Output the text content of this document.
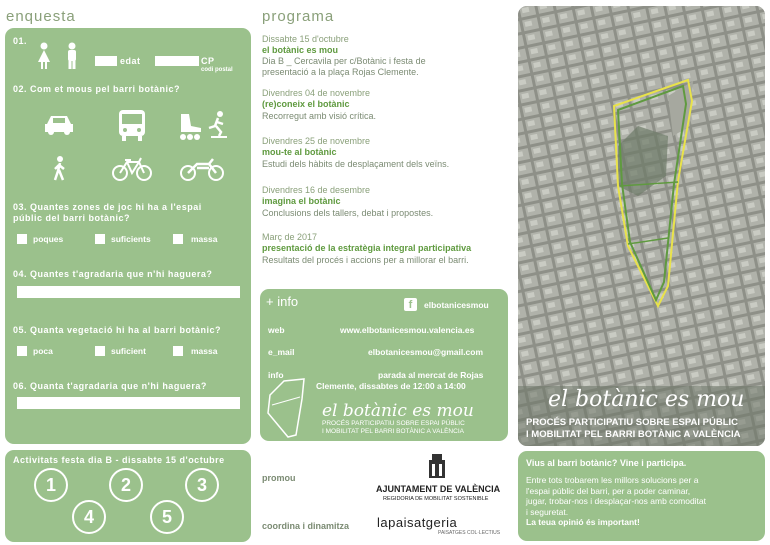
enquesta	programa
01.
edat	CP
codi postal
02. Com et mous pel barri botànic?
03. Quantes zones de joc hi ha a l'espai
públic del barri botànic?
poques	suficients	massa
04. Quantes t'agradaria que n'hi haguera?
05. Quanta vegetació hi ha al barri botànic?
poca	suficient	massa
06. Quanta t'agradaria que n'hi haguera?
Activitats festa dia B - dissabte 15 d'octubre
1	2	3
4	5
Dissabte 15 d'octubre
el botànic es mou
Dia B _ Cercavila per c/Botànic i festa de
presentació a la plaça Rojas Clemente.
Divendres 04 de novembre
(re)coneix el botànic
Recorregut amb visió crítica.
Divendres 25 de novembre
mou-te al botànic
Estudi dels hàbits de desplaçament dels veïns.
Divendres 16 de desembre
imagina el botànic
Conclusions dels tallers, debat i propostes.
Març de 2017
presentació de la estratègia integral participativa
Resultats del procés i accions per a millorar el barri.
+ info	f	elbotanicesmou
web	www.elbotanicesmou.valencia.es
e_mail	elbotanicesmou@gmail.com
info	parada al mercat de Rojas
Clemente, dissabtes de 12:00 a 14:00
el botànic es mou
PROCÉS PARTICIPATIU SOBRE ESPAI PÚBLIC
I MOBILITAT PEL BARRI BOTÀNIC A VALÈNCIA
promou
AJUNTAMENT DE VALÈNCIA
REGIDORIA DE MOBILITAT SOSTENIBLE
coordina i dinamitza lapaisatgeria
PAISATGES COL·LECTIUS
el botànic es mou
PROCÉS PARTICIPATIU SOBRE ESPAI PÚBLIC
I MOBILITAT PEL BARRI BOTÀNIC A VALÈNCIA
Vius al barri botànic? Vine i participa.
Entre tots trobarem les millors solucions per a
l'espai públic del barri, per a poder caminar,
jugar, trobar-nos i desplaçar-nos amb comoditat
i seguretat.
La teua opinió és important!
